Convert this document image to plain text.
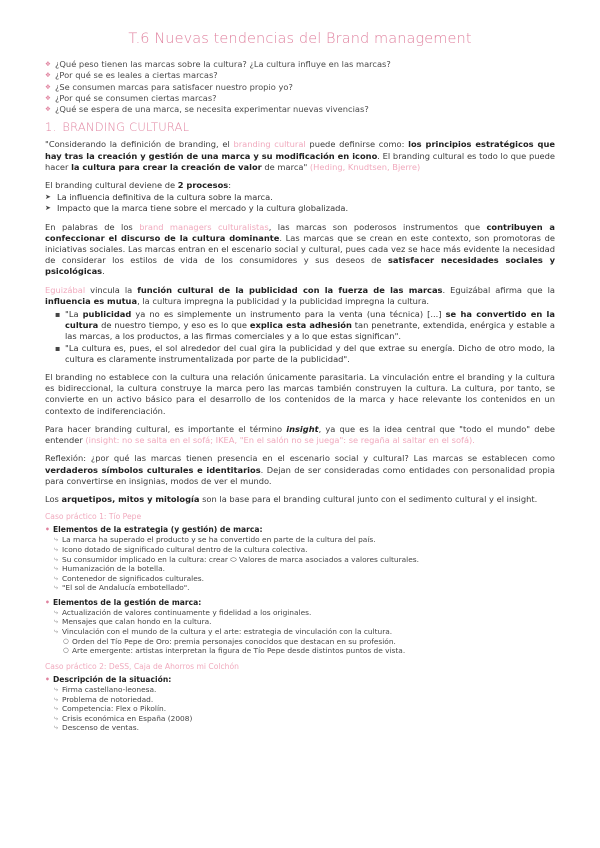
T.6 Nuevas tendencias del Brand management
❖ ¿Qué peso tienen las marcas sobre la cultura? ¿La cultura influye en las marcas?
❖ ¿Por qué se es leales a ciertas marcas?
❖ ¿Se consumen marcas para satisfacer nuestro propio yo?
❖ ¿Por qué se consumen ciertas marcas?
❖ ¿Qué se espera de una marca, se necesita experimentar nuevas vivencias?
1. BRANDING CULTURAL

"Considerando la definición de branding, el branding cultural puede definirse como: los principios estratégicos que hay tras la creación y gestión de una marca y su modificación en icono. El branding cultural es todo lo que puede hacer la cultura para crear la creación de valor de marca" (Heding, Knudtsen, Bjerre)

El branding cultural deviene de 2 procesos:

➤ La influencia definitiva de la cultura sobre la marca.
➤ Impacto que la marca tiene sobre el mercado y la cultura globalizada.

En palabras de los brand managers culturalistas, las marcas son poderosos instrumentos que contribuyen a confeccionar el discurso de la cultura dominante. Las marcas que se crean en este contexto, son promotoras de iniciativas sociales. Las marcas entran en el escenario social y cultural, pues cada vez se hace más evidente la necesidad de considerar los estilos de vida de los consumidores y sus deseos de satisfacer necesidades sociales y psicológicas.

Eguizábal vincula la función cultural de la publicidad con la fuerza de las marcas. Eguizábal afirma que la influencia es mutua, la cultura impregna la publicidad y la publicidad impregna la cultura.

▪ "La publicidad ya no es simplemente un instrumento para la venta (una técnica) [...] se ha convertido en la cultura de nuestro tiempo, y eso es lo que explica esta adhesión tan penetrante, extendida, enérgica y estable a las marcas, a los productos, a las firmas comerciales y a lo que estas significan".
▪ "La cultura es, pues, el sol alrededor del cual gira la publicidad y del que extrae su energía. Dicho de otro modo, la cultura es claramente instrumentalizada por parte de la publicidad".

El branding no establece con la cultura una relación únicamente parasitaria. La vinculación entre el branding y la cultura es bidireccional, la cultura construye la marca pero las marcas también construyen la cultura. La cultura, por tanto, se convierte en un activo básico para el desarrollo de los contenidos de la marca y hace relevante los contenidos en un contexto de indiferenciación.

Para hacer branding cultural, es importante el término insight, ya que es la idea central que "todo el mundo" debe entender (insight: no se salta en el sofá; IKEA, "En el salón no se juega": se regaña al saltar en el sofá).

Reflexión: ¿por qué las marcas tienen presencia en el escenario social y cultural? Las marcas se establecen como verdaderos símbolos culturales e identitarios. Dejan de ser consideradas como entidades con personalidad propia para convertirse en insignias, modos de ver el mundo.

Los arquetipos, mitos y mitología son la base para el branding cultural junto con el sedimento cultural y el insight.

Caso práctico 1: Tío Pepe
• Elementos de la estrategia (y gestión) de marca:
⤷ La marca ha superado el producto y se ha convertido en parte de la cultura del país.
⤷ Icono dotado de significado cultural dentro de la cultura colectiva.
⤷ Su consumidor implicado en la cultura: crear ⬭ Valores de marca asociados a valores culturales.
⤷ Humanización de la botella.
⤷ Contenedor de significados culturales.
⤷ "El sol de Andalucía embotellado".
• Elementos de la gestión de marca:
⤷ Actualización de valores continuamente y fidelidad a los originales.
⤷ Mensajes que calan hondo en la cultura.
⤷ Vinculación con el mundo de la cultura y el arte: estrategia de vinculación con la cultura.
○ Orden del Tío Pepe de Oro: premia personajes conocidos que destacan en su profesión.
○ Arte emergente: artistas interpretan la figura de Tío Pepe desde distintos puntos de vista.
Caso práctico 2: DeSS, Caja de Ahorros mi Colchón
• Descripción de la situación:
⤷ Firma castellano-leonesa.
⤷ Problema de notoriedad.
⤷ Competencia: Flex o Pikolín.
⤷ Crisis económica en España (2008)
⤷ Descenso de ventas.
